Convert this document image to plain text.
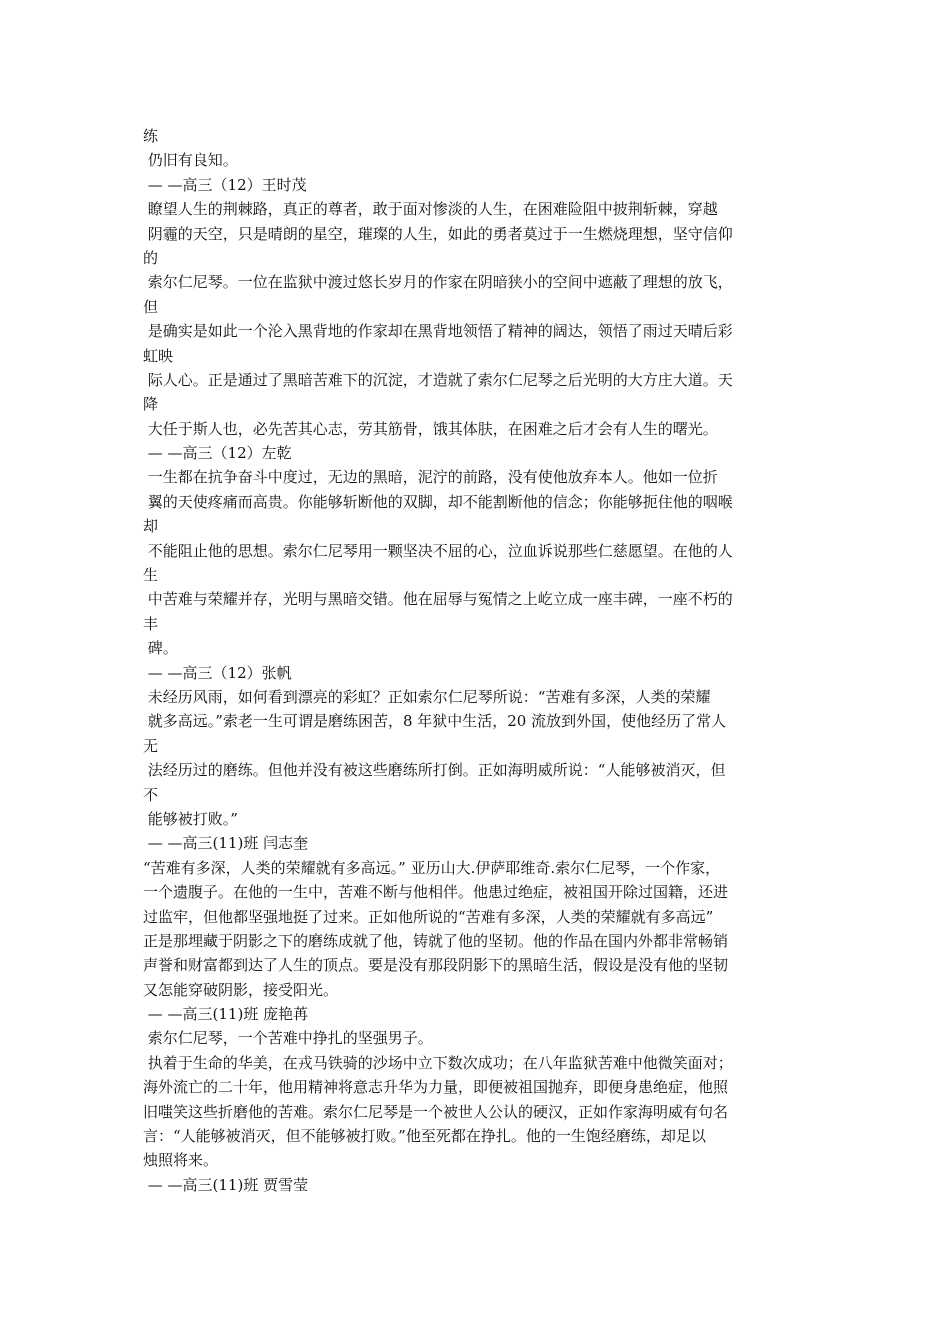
练
仍旧有良知。
— —高三（12）王时茂
瞭望人生的荆棘路，真正的尊者，敢于面对惨淡的人生，在困难险阻中披荆斩棘，穿越
阴霾的天空，只是晴朗的星空，璀璨的人生，如此的勇者莫过于一生燃烧理想，坚守信仰
的
索尔仁尼琴。一位在监狱中渡过悠长岁月的作家在阴暗狭小的空间中遮蔽了理想的放飞，
但
是确实是如此一个沦入黑背地的作家却在黑背地领悟了精神的阔达，领悟了雨过天晴后彩
虹映
际人心。正是通过了黑暗苦难下的沉淀，才造就了索尔仁尼琴之后光明的大方庄大道。天
降
大任于斯人也，必先苦其心志，劳其筋骨，饿其体肤，在困难之后才会有人生的曙光。
— —高三（12）左乾
一生都在抗争奋斗中度过，无边的黑暗，泥泞的前路，没有使他放弃本人。他如一位折
翼的天使疼痛而高贵。你能够斩断他的双脚，却不能割断他的信念；你能够扼住他的咽喉
却
不能阻止他的思想。索尔仁尼琴用一颗坚决不屈的心，泣血诉说那些仁慈愿望。在他的人
生
中苦难与荣耀并存，光明与黑暗交错。他在屈辱与冤情之上屹立成一座丰碑，一座不朽的
丰
碑。
— —高三（12）张帆
未经历风雨，如何看到漂亮的彩虹？正如索尔仁尼琴所说：“苦难有多深，人类的荣耀
就多高远。”索老一生可谓是磨练困苦，8 年狱中生活，20 流放到外国，使他经历了常人
无
法经历过的磨练。但他并没有被这些磨练所打倒。正如海明威所说：“人能够被消灭，但
不
能够被打败。”
— —高三(11)班 闫志奎
“苦难有多深，人类的荣耀就有多高远。” 亚历山大.伊萨耶维奇.索尔仁尼琴，一个作家，
一个遗腹子。在他的一生中，苦难不断与他相伴。他患过绝症，被祖国开除过国籍，还进
过监牢，但他都坚强地挺了过来。正如他所说的“苦难有多深，人类的荣耀就有多高远”
正是那埋藏于阴影之下的磨练成就了他，铸就了他的坚韧。他的作品在国内外都非常畅销
声誉和财富都到达了人生的顶点。要是没有那段阴影下的黑暗生活，假设是没有他的坚韧
又怎能穿破阴影，接受阳光。
— —高三(11)班 庞艳苒
索尔仁尼琴，一个苦难中挣扎的坚强男子。
执着于生命的华美，在戎马铁骑的沙场中立下数次成功；在八年监狱苦难中他微笑面对；
海外流亡的二十年，他用精神将意志升华为力量，即便被祖国抛弃，即便身患绝症，他照
旧嗤笑这些折磨他的苦难。索尔仁尼琴是一个被世人公认的硬汉，正如作家海明威有句名
言：“人能够被消灭，但不能够被打败。”他至死都在挣扎。他的一生饱经磨练，却足以
烛照将来。
— —高三(11)班 贾雪莹
